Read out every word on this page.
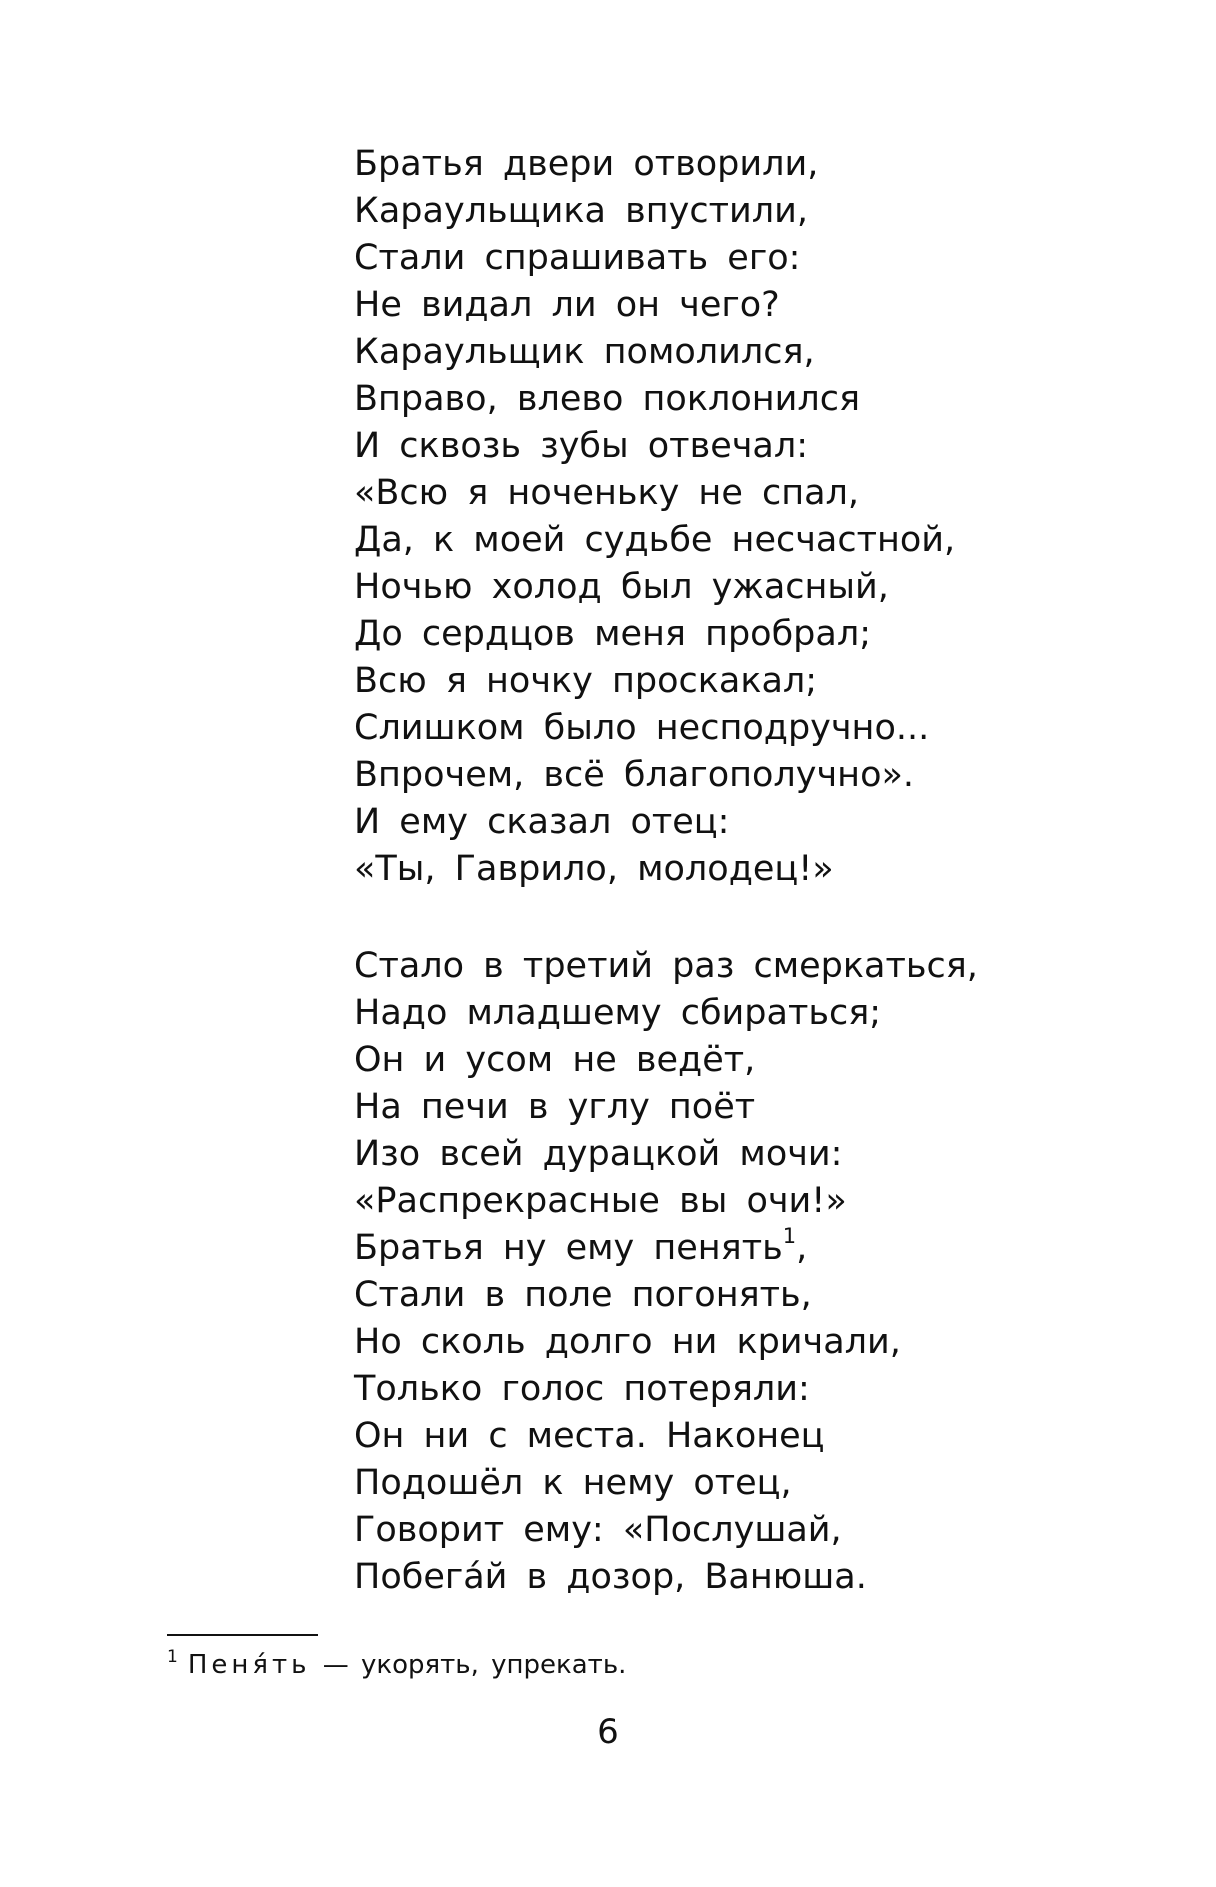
Братья двери отворили,
Караульщика впустили,
Стали спрашивать его:
Не видал ли он чего?
Караульщик помолился,
Вправо, влево поклонился
И сквозь зубы отвечал:
«Всю я ноченьку не спал,
Да, к моей судьбе несчастной,
Ночью холод был ужасный,
До сердцов меня пробрал;
Всю я ночку проскакал;
Слишком было несподручно...
Впрочем, всё благополучно».
И ему сказал отец:
«Ты, Гаврило, молодец!»
Стало в третий раз смеркаться,
Надо младшему сбираться;
Он и усом не ведёт,
На печи в углу поёт
Изо всей дурацкой мочи:
«Распрекрасные вы очи!»
Братья ну ему пенять$^1$,
Стали в поле погонять,
Но сколь долго ни кричали,
Только голос потеряли:
Он ни с места. Наконец
Подошёл к нему отец,
Говорит ему: «Послушай,
Побегáй в дозор, Ванюша.
$^1$ Пеня́ть — укорять, упрекать.
6
